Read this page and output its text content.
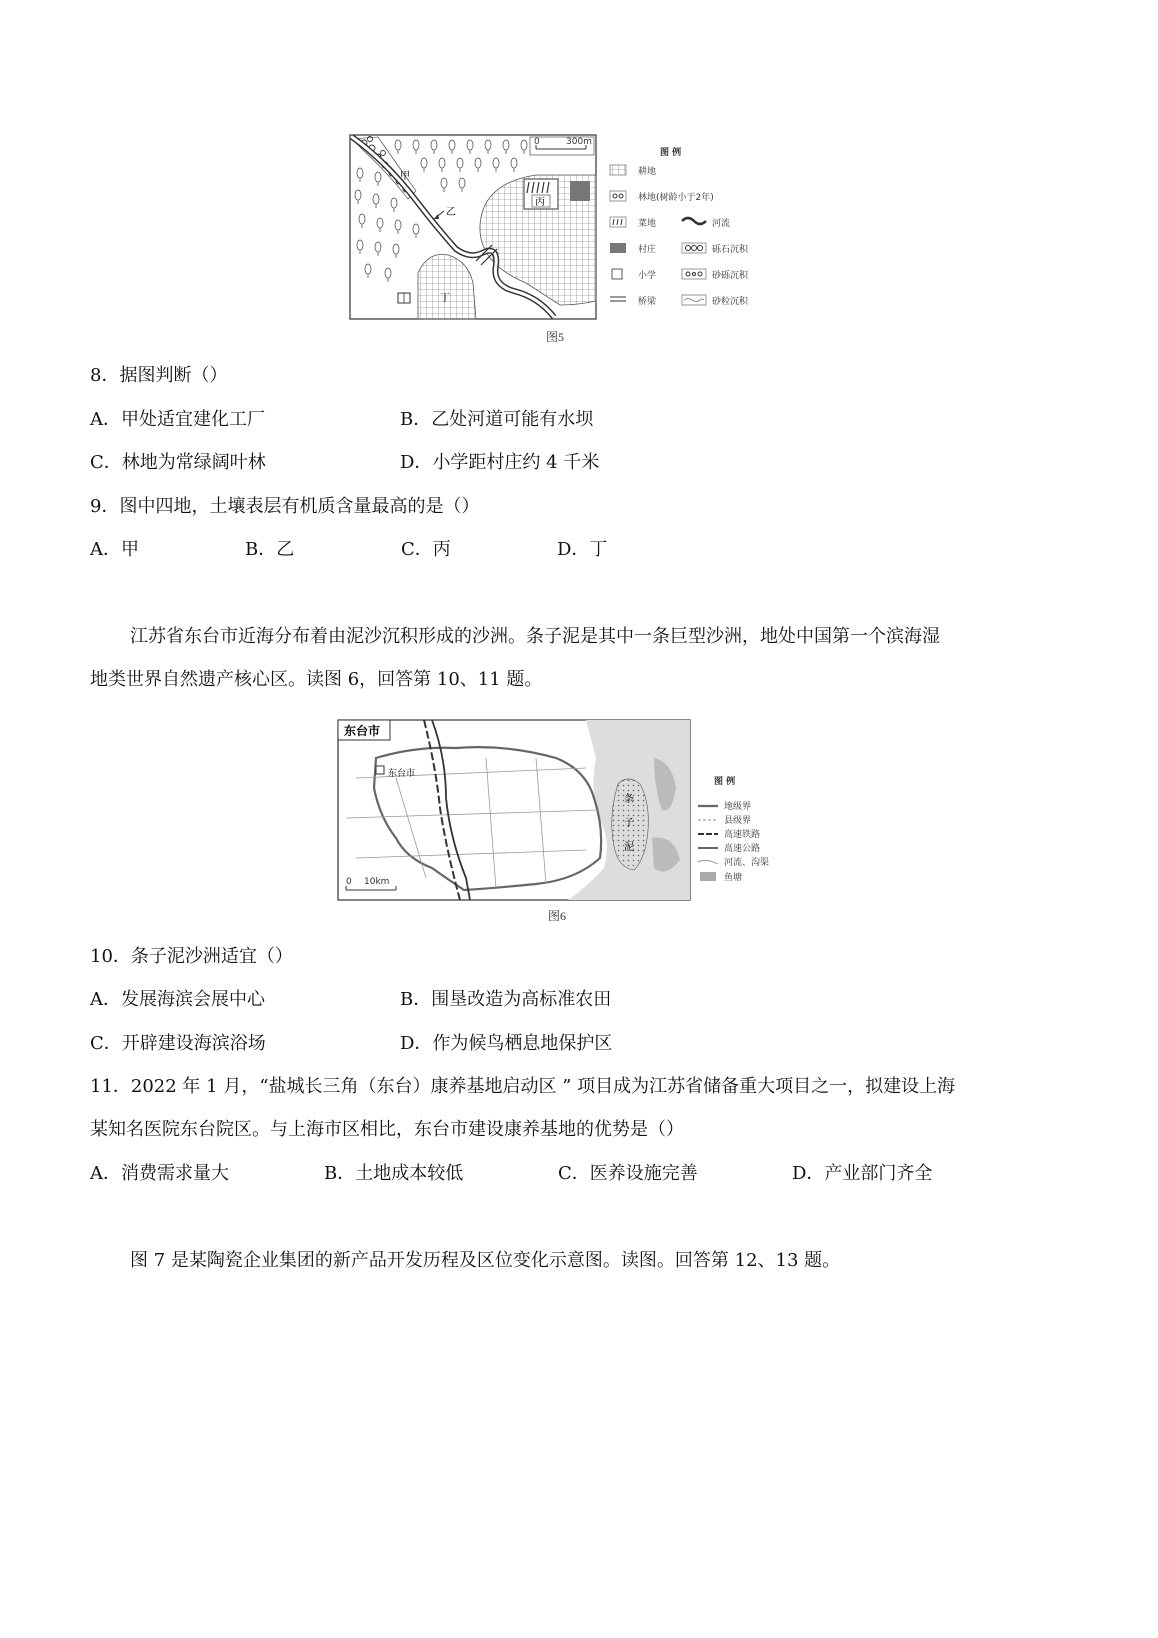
丙
丁
甲
乙
0	300m
图 例
耕地
林地(树龄小于2年)
菜地	河流
村庄	砾石沉积
小学	砂砾沉积
桥梁	砂粒沉积
图5
8．据图判断（）
A．甲处适宜建化工厂	B．乙处河道可能有水坝
C．林地为常绿阔叶林	D．小学距村庄约 4 千米
9．图中四地，土壤表层有机质含量最高的是（）
A．甲	B．乙	C．丙	D．丁
江苏省东台市近海分布着由泥沙沉积形成的沙洲。条子泥是其中一条巨型沙洲，地处中国第一个滨海湿
地类世界自然遗产核心区。读图 6，回答第 10、11 题。
条
子
泥
东台市
东台市
0 10km
图 例
地级界
县级界
高速铁路
高速公路
河流、沟渠
鱼塘
图6
10．条子泥沙洲适宜（）
A．发展海滨会展中心	B．围垦改造为高标准农田
C．开辟建设海滨浴场	D．作为候鸟栖息地保护区
11．2022 年 1 月，“盐城长三角（东台）康养基地启动区 ” 项目成为江苏省储备重大项目之一，拟建设上海
某知名医院东台院区。与上海市区相比，东台市建设康养基地的优势是（）
A．消费需求量大	B．土地成本较低	C．医养设施完善	D．产业部门齐全
图 7 是某陶瓷企业集团的新产品开发历程及区位变化示意图。读图。回答第 12、13 题。
